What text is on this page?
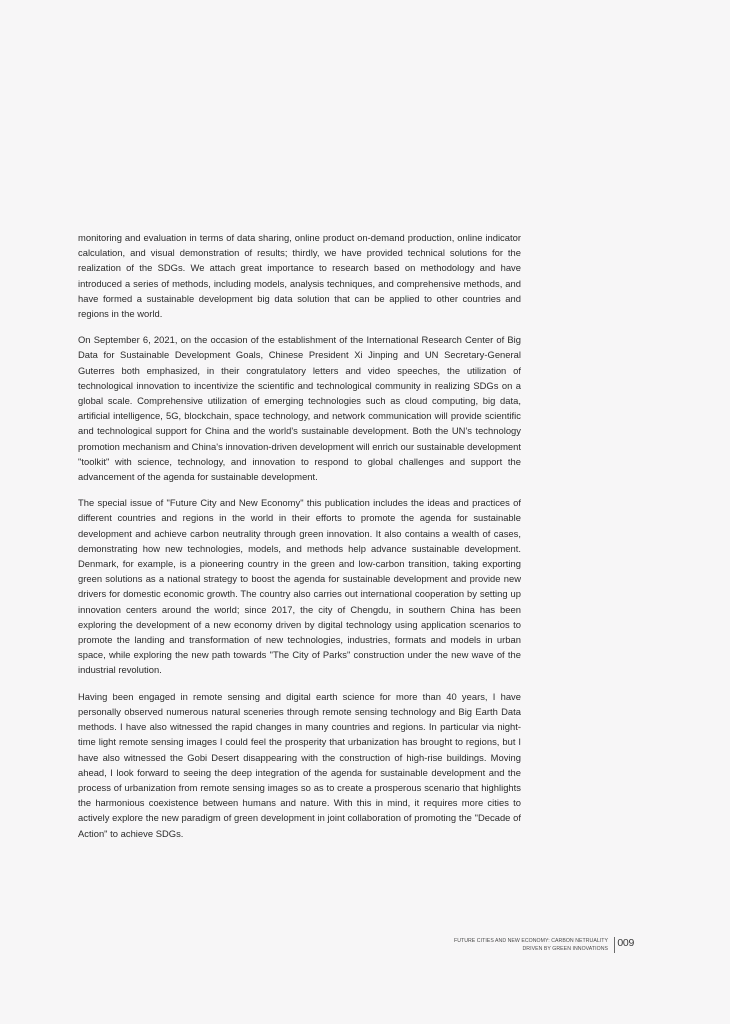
monitoring and evaluation in terms of data sharing, online product on-demand production, online indicator calculation, and visual demonstration of results; thirdly, we have provided technical solutions for the realization of the SDGs. We attach great importance to research based on methodology and have introduced a series of methods, including models, analysis techniques, and comprehensive methods, and have formed a sustainable development big data solution that can be applied to other countries and regions in the world.

On September 6, 2021, on the occasion of the establishment of the International Research Center of Big Data for Sustainable Development Goals, Chinese President Xi Jinping and UN Secretary-General Guterres both emphasized, in their congratulatory letters and video speeches, the utilization of technological innovation to incentivize the scientific and technological community in realizing SDGs on a global scale. Comprehensive utilization of emerging technologies such as cloud computing, big data, artificial intelligence, 5G, blockchain, space technology, and network communication will provide scientific and technological support for China and the world's sustainable development. Both the UN's technology promotion mechanism and China's innovation-driven development will enrich our sustainable development "toolkit" with science, technology, and innovation to respond to global challenges and support the advancement of the agenda for sustainable development.

The special issue of "Future City and New Economy" this publication includes the ideas and practices of different countries and regions in the world in their efforts to promote the agenda for sustainable development and achieve carbon neutrality through green innovation. It also contains a wealth of cases, demonstrating how new technologies, models, and methods help advance sustainable development. Denmark, for example, is a pioneering country in the green and low-carbon transition, taking exporting green solutions as a national strategy to boost the agenda for sustainable development and provide new drivers for domestic economic growth. The country also carries out international cooperation by setting up innovation centers around the world; since 2017, the city of Chengdu, in southern China has been exploring the development of a new economy driven by digital technology using application scenarios to promote the landing and transformation of new technologies, industries, formats and models in urban space, while exploring the new path towards "The City of Parks" construction under the new wave of the industrial revolution.

Having been engaged in remote sensing and digital earth science for more than 40 years, I have personally observed numerous natural sceneries through remote sensing technology and Big Earth Data methods. I have also witnessed the rapid changes in many countries and regions. In particular via night-time light remote sensing images I could feel the prosperity that urbanization has brought to regions, but I have also witnessed the Gobi Desert disappearing with the construction of high-rise buildings. Moving ahead, I look forward to seeing the deep integration of the agenda for sustainable development and the process of urbanization from remote sensing images so as to create a prosperous scenario that highlights the harmonious coexistence between humans and nature. With this in mind, it requires more cities to actively explore the new paradigm of green development in joint collaboration of promoting the "Decade of Action" to achieve SDGs.

FUTURE CITIES AND NEW ECONOMY: CARBON NETRUALITY
DRIVEN BY GREEN INNOVATIONS 009
